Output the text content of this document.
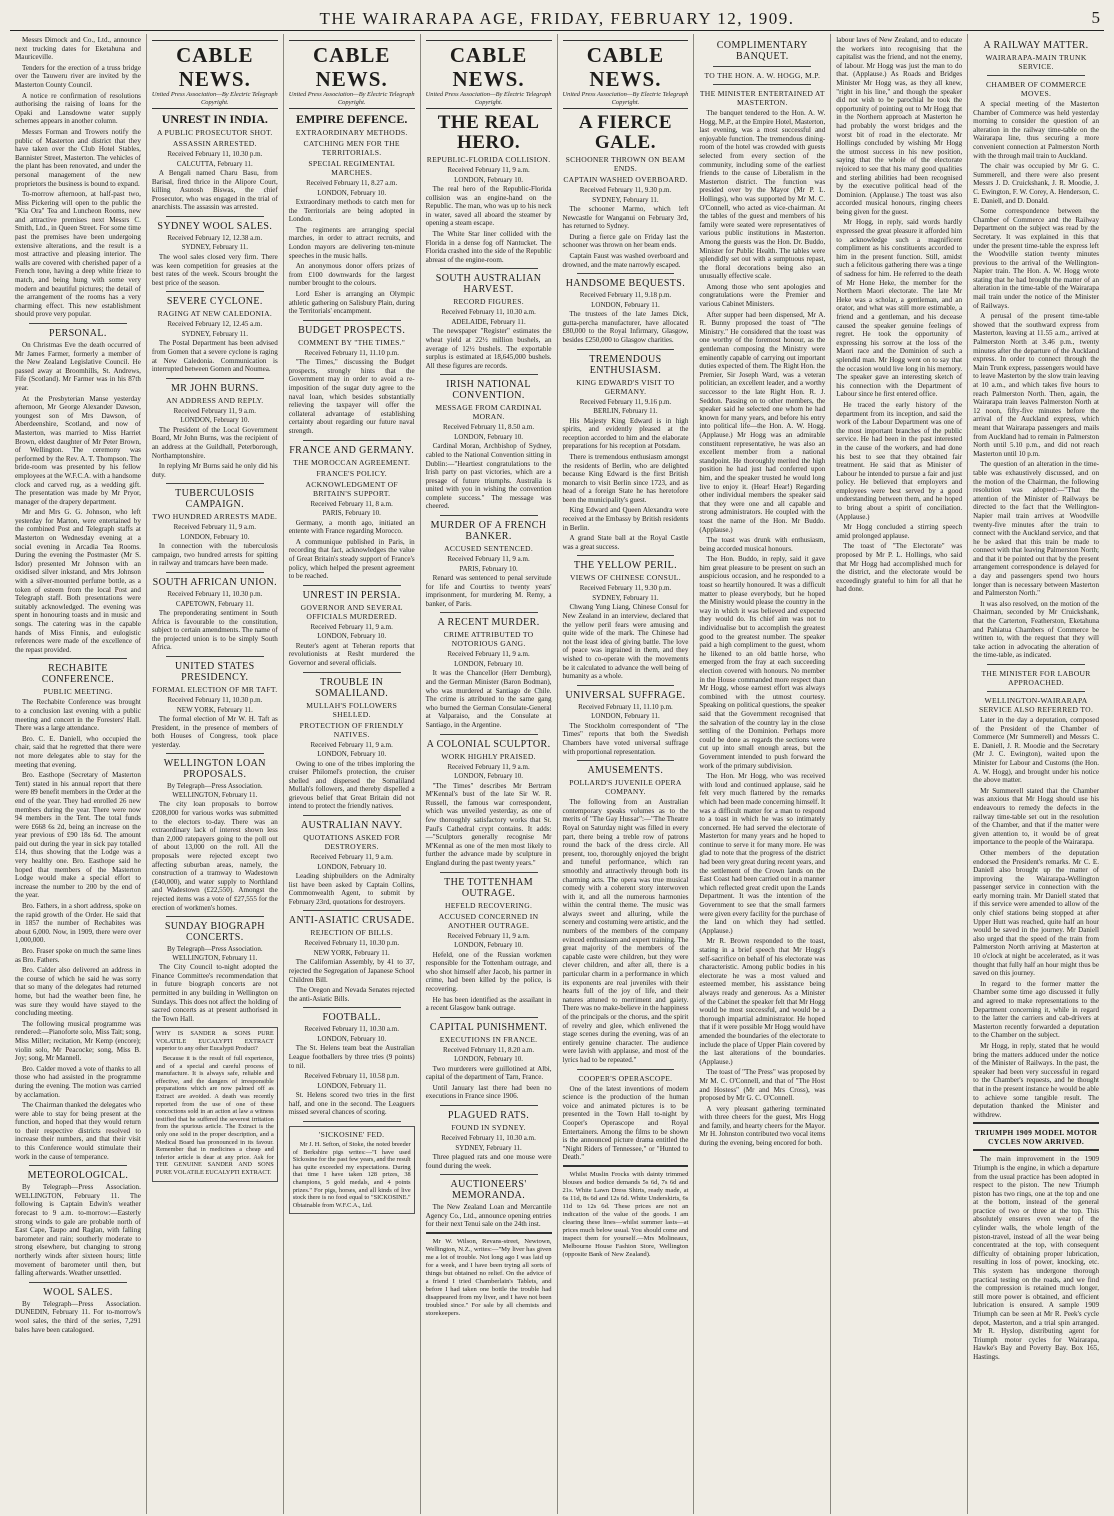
THE WAIRARAPA AGE, FRIDAY, FEBRUARY 12, 1909.	5

Messrs Dimock and Co., Ltd., announce next trucking dates for Eketahuna and Mauriceville.

Tenders for the erection of a truss bridge over the Tauweru river are invited by the Masterton County Council.

A notice re confirmation of resolutions authorising the raising of loans for the Opaki and Lansdowne water supply schemes appears in another column.

Messrs Forman and Trowers notify the public of Masterton and district that they have taken over the Club Hotel Stables, Bannister Street, Masterton. The vehicles of the plant has been renovated, and under the personal management of the new proprietors the business is bound to expand.

To-morrow afternoon, at half-past two, Miss Pickering will open to the public the "Kia Ora" Tea and Luncheon Rooms, new and attractive premises next Messrs C. Smith, Ltd., in Queen Street. For some time past the premises have been undergoing extensive alterations, and the result is a most attractive and pleasing interior. The walls are covered with cherished paper of a French tone, having a deep white frieze to match, and being hung with some very modern and beautiful pictures; the detail of the arrangement of the rooms has a very charming effect. This new establishment should prove very popular.

PERSONAL.

On Christmas Eve the death occurred of Mr James Farmer, formerly a member of the New Zealand Legislative Council. He passed away at Broomhills, St. Andrews, Fife (Scotland). Mr Farmer was in his 87th year.

At the Presbyterian Manse yesterday afternoon, Mr George Alexander Dawson, youngest son of Mrs Dawson, of Aberdeenshire, Scotland, and now of Masterton, was married to Miss Harriet Brown, eldest daughter of Mr Peter Brown, of Wellington. The ceremony was performed by the Rev. A. T. Thompson. The bride-room was presented by his fellow employees at the W.F.C.A. with a handsome clock and carved rug, as a wedding gift. The presentation was made by Mr Pryor, manager of the drapery department.

Mr and Mrs G. G. Johnson, who left yesterday for Marton, were entertained by the combined Post and Telegraph staffs at Masterton on Wednesday evening at a social evening in Arcadia Tea Rooms. During the evening the Postmaster (Mr S. Isdor) presented Mr Johnson with an oxidised silver inkstand, and Mrs Johnson with a silver-mounted perfume bottle, as a token of esteem from the local Post and Telegraph staff. Both presentations were suitably acknowledged. The evening was spent in honouring toasts and in music and songs. The catering was in the capable hands of Miss Finnis, and eulogistic references were made of the excellence of the repast provided.

RECHABITE CONFERENCE.
PUBLIC MEETING.

The Rechabite Conference was brought to a conclusion last evening with a public meeting and concert in the Foresters' Hall. There was a large attendance.

Bro. C. E. Daniell, who occupied the chair, said that he regretted that there were not more delegates able to stay for the meeting that evening.

Bro. Easthope (Secretary of Masterton Tent) stated in his annual report that there were 89 benefit members in the Order at the end of the year. They had enrolled 26 new members during the year. There were now 94 members in the Tent. The total funds were £668 6s 2d, being an increase on the year previous of £90 18s 6d. The amount paid out during the year in sick pay totalled £14, thus showing that the Lodge was a very healthy one. Bro. Easthope said he hoped that members of the Masterton Lodge would make a special effort to increase the number to 200 by the end of the year.

Bro. Fathers, in a short address, spoke on the rapid growth of the Order. He said that in 1857 the number of Rechabites was about 6,000. Now, in 1909, there were over 1,000,000.

Bro. Fraser spoke on much the same lines as Bro. Fathers.

Bro. Calder also delivered an address in the course of which he said he was sorry that so many of the delegates had returned home, but had the weather been fine, he was sure they would have stayed to the concluding meeting.

The following musical programme was rendered:—Pianoforte solo, Miss Tait; song, Miss Miller; recitation, Mr Kemp (encore); violin solo, Mr Peacocke; song, Miss B. Joy; song, Mr Mannell.

Bro. Calder moved a vote of thanks to all those who had assisted in the programme during the evening. The motion was carried by acclamation.

The Chairman thanked the delegates who were able to stay for being present at the function, and hoped that they would return to their respective districts resolved to increase their numbers, and that their visit to this Conference would stimulate their work in the cause of temperance.

METEOROLOGICAL.

By Telegraph—Press Association. WELLINGTON, February 11. The following is Captain Edwin's weather forecast to 9 a.m. to-morrow:—Easterly strong winds to gale are probable north of East Cape, Taupo and Raglan, with falling barometer and rain; southerly moderate to strong elsewhere, but changing to strong northerly winds after sixteen hours; little movement of barometer until then, but falling afterwards. Weather unsettled.

WOOL SALES.

By Telegraph—Press Association. DUNEDIN, February 11. For to-morrow's wool sales, the third of the series, 7,291 bales have been catalogued.

CABLE NEWS.
United Press Association—By Electric Telegraph Copyright.
UNREST IN INDIA.
A PUBLIC PROSECUTOR SHOT.
ASSASSIN ARRESTED.
Received February 11, 10.30 p.m.
CALCUTTA, February 11.

A Bengali named Charu Basu, from Barisal, fired thrice in the Alipore Court, killing Asutosh Biswas, the chief Prosecutor, who was engaged in the trial of anarchists. The assassin was arrested.

SYDNEY WOOL SALES.
Received February 12, 12.38 a.m.
SYDNEY, February 11.

The wool sales closed very firm. There was keen competition for greasies at the best rates of the week. Scours brought the best price of the season.

SEVERE CYCLONE.
RAGING AT NEW CALEDONIA.
Received February 12, 12.45 a.m.
SYDNEY, February 11.

The Postal Department has been advised from Gomen that a severe cyclone is raging at New Caledonia. Communication is interrupted between Gomen and Noumea.

MR JOHN BURNS.
AN ADDRESS AND REPLY.
Received February 11, 9 a.m.
LONDON, February 10.

The President of the Local Government Board, Mr John Burns, was the recipient of an address at the Guildhall, Peterborough, Northamptonshire.

In replying Mr Burns said he only did his duty.

TUBERCULOSIS CAMPAIGN.
TWO HUNDRED ARRESTS MADE.
Received February 11, 9 a.m.
LONDON, February 10.

In connection with the tuberculosis campaign, two hundred arrests for spitting in railway and tramcars have been made.

SOUTH AFRICAN UNION.
Received February 11, 10.30 p.m.
CAPETOWN, February 11.

The preponderating sentiment in South Africa is favourable to the constitution, subject to certain amendments. The name of the projected union is to be simply South Africa.

UNITED STATES PRESIDENCY.
FORMAL ELECTION OF MR TAFT.
Received February 11, 10.30 p.m.
NEW YORK, February 11.

The formal election of Mr W. H. Taft as President, in the presence of members of both Houses of Congress, took place yesterday.

WELLINGTON LOAN PROPOSALS.
By Telegraph—Press Association. WELLINGTON, February 11.

The city loan proposals to borrow £208,000 for various works was submitted to the electors to-day. There was an extraordinary lack of interest shown less than 2,000 ratepayers going to the poll out of about 13,000 on the roll. All the proposals were rejected except two affecting suburban areas, namely, the construction of a tramway to Wadestown (£40,000), and water supply to Northland and Wadestown (£22,550). Amongst the rejected items was a vote of £27,555 for the erection of workmen's homes.

SUNDAY BIOGRAPH CONCERTS.
By Telegraph—Press Association. WELLINGTON, February 11.

The City Council to-night adopted the Finance Committee's recommendation that in future biograph concerts are not permitted in any building in Wellington on Sundays. This does not affect the holding of sacred concerts as at present authorised in the Town Hall.

WHY IS SANDER & SONS PURE VOLATILE EUCALYPTI EXTRACT superior to any other Eucalypti Product?

Because it is the result of full experience, and of a special and careful process of manufacture. It is always safe, reliable and effective, and the dangers of irresponsible preparations which are now palmed off as Extract are avoided. A death was recently reported from the use of one of these concoctions sold in an action at law a witness testified that he suffered the severest irritation from the spurious article. The Extract is the only one sold in the proper description, and a Medical Board has pronounced in its favour. Remember that in medicines a cheap and inferior article is dear at any price. Ask for THE GENUINE SANDER AND SONS PURE VOLATILE EUCALYPTI EXTRACT.

CABLE NEWS.
United Press Association—By Electric Telegraph Copyright.
EMPIRE DEFENCE.
EXTRAORDINARY METHODS.
CATCHING MEN FOR THE TERRITORIALS.
SPECIAL REGIMENTAL MARCHES.
Received February 11, 8.27 a.m.
LONDON, February 10.

Extraordinary methods to catch men for the Territorials are being adopted in London.

The regiments are arranging special marches, in order to attract recruits, and London mayors are delivering ten-minute speeches in the music halls.

An anonymous donor offers prizes of from £100 downwards for the largest number brought to the colours.

Lord Esher is arranging an Olympic athletic gathering on Salisbury Plain, during the Territorials' encampment.

BUDGET PROSPECTS.
COMMENT BY "THE TIMES."
Received February 11, 11.10 p.m.

"The Times," discussing the Budget prospects, strongly hints that the Government may in order to avoid a re-imposition of the sugar duty agree to the naval loan, which besides substantially relieving the taxpayer will offer the collateral advantage of establishing certainty about regarding our future naval strength.

FRANCE AND GERMANY.
THE MOROCCAN AGREEMENT.
FRANCE'S POLICY.
ACKNOWLEDGMENT OF BRITAIN'S SUPPORT.
Received February 11, 8 a.m.
PARIS, February 10.

Germany, a month ago, initiated an entente with France regarding Morocco.

A communique published in Paris, in recording that fact, acknowledges the value of Great Britain's steady support of France's policy, which helped the present agreement to be reached.

UNREST IN PERSIA.
GOVERNOR AND SEVERAL OFFICIALS MURDERED.
Received February 11, 9 a.m.
LONDON, February 10.

Reuter's agent at Teheran reports that revolutionists at Resht murdered the Governor and several officials.

TROUBLE IN SOMALILAND.
MULLAH'S FOLLOWERS SHELLED.
PROTECTION OF FRIENDLY NATIVES.
Received February 11, 9 a.m.
LONDON, February 10.

Owing to one of the tribes imploring the cruiser Philomel's protection, the cruiser shelled and dispersed the Somaliland Mullah's followers, and thereby dispelled a grievous belief that Great Britain did not intend to protect the friendly natives.

AUSTRALIAN NAVY.
QUOTATIONS ASKED FOR DESTROYERS.
Received February 11, 9 a.m.
LONDON, February 10.

Leading shipbuilders on the Admiralty list have been asked by Captain Collins, Commonwealth Agent, to submit by February 23rd, quotations for destroyers.

ANTI-ASIATIC CRUSADE.
REJECTION OF BILLS.
Received February 11, 10.30 p.m.
NEW YORK, February 11.

The Californian Assembly, by 41 to 37, rejected the Segregation of Japanese School Children Bill.

The Oregon and Nevada Senates rejected the anti-Asiatic Bills.

FOOTBALL.
Received February 11, 10.30 a.m.
LONDON, February 10.

The St. Helens team beat the Australian League footballers by three tries (9 points) to nil.

Received February 11, 10.58 p.m.
LONDON, February 11.

St. Helens scored two tries in the first half, and one in the second. The Leaguers missed several chances of scoring.

'SICKOSINE' FED.

Mr J. H. Sefton, of Stoke, the noted breeder of Berkshire pigs writes:—"I have used Sickosine for the past few years, and the result has quite exceeded my expectations. During that time I have taken 128 prizes, 38 champions, 5 gold medals, and 4 points prizes." For pigs, horses, and all kinds of live stock there is no food equal to "SICKOSINE." Obtainable from W.F.C.A., Ltd.

CABLE NEWS.
United Press Association—By Electric Telegraph Copyright.
THE REAL HERO.
REPUBLIC-FLORIDA COLLISION.
Received February 11, 9 a.m.
LONDON, February 10.

The real hero of the Republic-Florida collision was an engine-hand on the Republic. The man, who was up to his neck in water, saved all aboard the steamer by opening a steam escape.

The White Star liner collided with the Florida in a dense fog off Nantucket. The Florida crashed into the side of the Republic abreast of the engine-room.

SOUTH AUSTRALIAN HARVEST.
RECORD FIGURES.
Received February 11, 10.30 a.m.
ADELAIDE, February 11.

The newspaper "Register" estimates the wheat yield at 22½ million bushels, an average of 12½ bushels. The exportable surplus is estimated at 18,645,000 bushels. All these figures are records.

IRISH NATIONAL CONVENTION.
MESSAGE FROM CARDINAL MORAN.
Received February 11, 8.50 a.m.
LONDON, February 10.

Cardinal Moran, Archbishop of Sydney, cabled to the National Convention sitting in Dublin:—"Heartiest congratulations to the Irish party on past victories, which are a presage of future triumphs. Australia is united with you in wishing the convention complete success." The message was cheered.

MURDER OF A FRENCH BANKER.
ACCUSED SENTENCED.
Received February 11, 9 a.m.
PARIS, February 10.

Renard was sentenced to penal servitude for life and Courtiss to twenty years' imprisonment, for murdering M. Remy, a banker, of Paris.

A RECENT MURDER.
CRIME ATTRIBUTED TO NOTORIOUS GANG.
Received February 11, 9 a.m.
LONDON, February 10.

It was the Chancellor (Herr Dernburg), and the German Minister (Baron Bodman), who was murdered at Santiago de Chile. The crime is attributed to the same gang who burned the German Consulate-General at Valparaiso, and the Consulate at Santiago, in the Argentine.

A COLONIAL SCULPTOR.
WORK HIGHLY PRAISED.
Received February 11, 9 a.m.
LONDON, February 10.

"The Times" describes Mr Bertram M'Kennal's bust of the late Sir W. R. Russell, the famous war correspondent, which was unveiled yesterday, as one of few thoroughly satisfactory works that St. Paul's Cathedral crypt contains. It adds:—"Sculptors generally recognise Mr M'Kennal as one of the men most likely to further the advance made by sculpture in England during the past twenty years."

THE TOTTENHAM OUTRAGE.
HEFELD RECOVERING.
ACCUSED CONCERNED IN ANOTHER OUTRAGE.
Received February 11, 9 a.m.
LONDON, February 10.

Hefeld, one of the Russian workmen responsible for the Tottenham outrage, and who shot himself after Jacob, his partner in crime, had been killed by the police, is recovering.

He has been identified as the assailant in a recent Glasgow bank outrage.

CAPITAL PUNISHMENT.
EXECUTIONS IN FRANCE.
Received February 11, 8.20 a.m.
LONDON, February 10.

Two murderers were guillotined at Albi, capital of the department of Tarn, France.

Until January last there had been no executions in France since 1906.

PLAGUED RATS.
FOUND IN SYDNEY.
Received February 11, 10.30 a.m.
SYDNEY, February 11.

Three plagued rats and one mouse were found during the week.

AUCTIONEERS' MEMORANDA.

The New Zealand Loan and Mercantile Agency Co., Ltd., announce opening entries for their next Tenui sale on the 24th inst.

Mr W. Wilson, Revans-street, Newtown, Wellington, N.Z., writes:—"My liver has given me a lot of trouble. Not long ago I was laid up for a week, and I have been trying all sorts of things but obtained no relief. On the advice of a friend I tried Chamberlain's Tablets, and before I had taken one bottle the trouble had disappeared from my liver, and I have not been troubled since." For sale by all chemists and storekeepers.

CABLE NEWS.
United Press Association—By Electric Telegraph Copyright.
A FIERCE GALE.
SCHOONER THROWN ON BEAM ENDS.
CAPTAIN WASHED OVERBOARD.
Received February 11, 9.30 p.m.
SYDNEY, February 11.

The schooner Marmo, which left Newcastle for Wanganui on February 3rd, has returned to Sydney.

During a fierce gale on Friday last the schooner was thrown on her beam ends.

Captain Faust was washed overboard and drowned, and the mate narrowly escaped.

HANDSOME BEQUESTS.
Received February 11, 9.18 p.m.
LONDON, February 11.

The trustees of the late James Dick, gutta-percha manufacturer, have allocated £80,000 to the Royal Infirmary, Glasgow, besides £250,000 to Glasgow charities.

TREMENDOUS ENTHUSIASM.
KING EDWARD'S VISIT TO GERMANY.
Received February 11, 9.16 p.m.
BERLIN, February 11.

His Majesty King Edward is in high spirits, and evidently pleased at the reception accorded to him and the elaborate preparations for his reception at Potsdam.

There is tremendous enthusiasm amongst the residents of Berlin, who are delighted because King Edward is the first British monarch to visit Berlin since 1723, and as head of a foreign State he has heretofore been the municipality's guest.

King Edward and Queen Alexandra were received at the Embassy by British residents in Berlin.

A grand State ball at the Royal Castle was a great success.

THE YELLOW PERIL.
VIEWS OF CHINESE CONSUL.
Received February 11, 9.30 p.m.
SYDNEY, February 11.

Chwang Yung Liang, Chinese Consul for New Zealand in an interview, declared that the yellow peril fears were amusing and quite wide of the mark. The Chinese had not the least idea of giving battle. The love of peace was ingrained in them, and they wished to co-operate with the movements be it calculated to advance the well being of humanity as a whole.

UNIVERSAL SUFFRAGE.
Received February 11, 11.10 p.m.
LONDON, February 11.

The Stockholm correspondent of "The Times" reports that both the Swedish Chambers have voted universal suffrage with proportional representation.

AMUSEMENTS.
POLLARD'S JUVENILE OPERA COMPANY.

The following from an Australian contemporary speaks volumes as to the merits of "The Gay Hussar":—"The Theatre Royal on Saturday night was filled in every part, there being a treble row of patrons round the back of the dress circle. All present, too, thoroughly enjoyed the bright and tuneful performance, which ran smoothly and attractively through both its charming acts. The opera was true musical comedy with a coherent story interwoven with it, and all the numerous harmonies within the central theme. The music was always sweet and alluring, while the scenery and costuming were artistic, and the numbers of the members of the company evinced enthusiasm and expert training. The great majority of the members of the capable caste were children, but they were clever children, and after all, there is a particular charm in a performance in which its exponents are real juveniles with their hearts full of the joy of life, and their natures attuned to merriment and gaiety. There was no make-believe in the happiness of the principals or the chorus, and the spirit of revelry and glee, which enlivened the stage scenes during the evening, was of an entirely genuine character. The audience were lavish with applause, and most of the lyrics had to be repeated."

COOPER'S OPERASCOPE.

One of the latest inventions of modern science is the production of the human voice and animated pictures is to be presented in the Town Hall to-night by Cooper's Operascope and Royal Entertainers. Among the films to be shown is the announced picture drama entitled the "Night Riders of Tennessee," or "Hunted to Death."

Whilst Muslin Frocks with dainty trimmed blouses and bodice demands 5s 6d, 7s 6d and 21s. White Lawn Dress Shirts, ready made, at 6s 11d, 8s 6d and 12s 6d. White Underskirts, 6s 11d to 12s 6d. These prices are not an indication of the value of the goods. I am clearing these lines—whilst summer lasts—at prices much below usual. You should come and inspect them for yourself.—Mrs Molineaux, Melbourne House Fashion Store, Wellington (opposite Bank of New Zealand).

COMPLIMENTARY BANQUET.
TO THE HON. A. W. HOGG, M.P.
THE MINISTER ENTERTAINED AT MASTERTON.

The banquet tendered to the Hon. A. W. Hogg, M.P., at the Empire Hotel, Masterton, last evening, was a most successful and enjoyable function. The tremendous dining-room of the hotel was crowded with guests selected from every section of the community, including some of the earliest friends to the cause of Liberalism in the Masterton district. The function was presided over by the Mayor (Mr P. L. Hollings), who was supported by Mr M. C. O'Connell, who acted as vice-chairman. At the tables of the guest and members of his family were seated were representatives of various public institutions in Masterton. Among the guests was the Hon. Dr. Buddo, Minister for Public Health. The tables were splendidly set out with a sumptuous repast, the floral decorations being also an unusually effective scale.

Among those who sent apologies and congratulations were the Premier and various Cabinet Ministers.

After supper had been dispensed, Mr A. R. Bunny proposed the toast of "The Ministry." He considered that the toast was one worthy of the foremost honour, as the gentleman composing the Ministry were eminently capable of carrying out important duties expected of them. The Right Hon. the Premier, Sir Joseph Ward, was a veteran politician, an excellent leader, and a worthy successor to the late Right Hon. R. J. Seddon. Passing on to other members, the speaker said he selected one whom he had known for many years, and before his entry into political life—the Hon. A. W. Hogg. (Applause.) Mr Hogg was an admirable constituent representative, he was also an excellent member from a national standpoint. He thoroughly merited the high position he had just had conferred upon him, and the speaker trusted he would long live to enjoy it. (Hear! Hear!) Regarding other individual members the speaker said that they were one and all capable and strong administrators. He coupled with the toast the name of the Hon. Mr Buddo. (Applause.)

The toast was drunk with enthusiasm, being accorded musical honours.

The Hon. Buddo, in reply, said it gave him great pleasure to be present on such an auspicious occasion, and he responded to a toast so heartily honoured. It was a difficult matter to please everybody, but he hoped the Ministry would please the country in the way in which it was believed and expected they would do. Its chief aim was not to individualise but to accomplish the greatest good to the greatest number. The speaker paid a high compliment to the guest, whom he likened to an old battle horse, who emerged from the fray at each succeeding election covered with honours. No member in the House commanded more respect than Mr Hogg, whose earnest effort was always combined with the utmost courtesy. Speaking on political questions, the speaker said that the Government recognised that the salvation of the country lay in the close settling of the Dominion. Perhaps more could be done as regards the sections were cut up into small enough areas, but the Government intended to push forward the work of the primary subdivision.

The Hon. Mr Hogg, who was received with loud and continued applause, said he felt very much flattered by the remarks which had been made concerning himself. It was a difficult matter for a man to respond to a toast in which he was so intimately concerned. He had served the electorate of Masterton for many years and he hoped to continue to serve it for many more. He was glad to note that the progress of the district had been very great during recent years, and the settlement of the Crown lands on the East Coast had been carried out in a manner which reflected great credit upon the Lands Department. It was the intention of the Government to see that the small farmers were given every facility for the purchase of the land on which they had settled. (Applause.)

Mr R. Brown responded to the toast, stating in a brief speech that Mr Hogg's self-sacrifice on behalf of his electorate was characteristic. Among public bodies in his electorate he was a most valued and esteemed member, his assistance being always ready and generous. As a Minister of the Cabinet the speaker felt that Mr Hogg would be most successful, and would be a thorough impartial administrator. He hoped that if it were possible Mr Hogg would have amended the boundaries of the electorate to include the place of Upper Plain covered by the last alterations of the boundaries. (Applause.)

The toast of "The Press" was proposed by Mr M. C. O'Connell, and that of "The Host and Hostess" (Mr and Mrs Cross), was proposed by Mr G. C. O'Connell.

A very pleasant gathering terminated with three cheers for the guest, Mrs Hogg and family, and hearty cheers for the Mayor. Mr H. Johnston contributed two vocal items during the evening, being encored for both.

labour laws of New Zealand, and to educate the workers into recognising that the capitalist was the friend, and not the enemy, of labour. Mr Hogg was just the man to do that. (Applause.) As Roads and Bridges Minister Mr Hogg was, as they all knew, "right in his line," and though the speaker did not wish to be parochial he took the opportunity of pointing out to Mr Hogg that in the Northern approach at Masterton he had probably the worst bridges and the worst bit of road in the electorate. Mr Hollings concluded by wishing Mr Hogg the utmost success in his new position, saying that the whole of the electorate rejoiced to see that his many good qualities and sterling abilities had been recognised by the executive political head of the Dominion. (Applause.) The toast was also accorded musical honours, ringing cheers being given for the guest.

Mr Hogg, in reply, said words hardly expressed the great pleasure it afforded him to acknowledge such a magnificent compliment as his constituents accorded to him in the present function. Still, amidst such a felicitous gathering there was a tinge of sadness for him. He referred to the death of Mr Hone Heke, the member for the Northern Maori electorate. The late Mr Heke was a scholar, a gentleman, and an orator, and what was still more estimable, a friend and a gentleman, and his decease caused the speaker genuine feelings of regret. He took the opportunity of expressing his sorrow at the loss of the Maori race and the Dominion of such a splendid man. Mr Hogg went on to say that the occasion would live long in his memory. The speaker gave an interesting sketch of his connection with the Department of Labour since he first entered office.

He traced the early history of the department from its inception, and said the work of the Labour Department was one of the most important branches of the public service. He had been in the past interested in the cause of the workers, and had done his best to see that they obtained fair treatment. He said that as Minister of Labour he intended to pursue a fair and just policy. He believed that employers and employees were best served by a good understanding between them, and he hoped to bring about a spirit of conciliation. (Applause.)

Mr Hogg concluded a stirring speech amid prolonged applause.

The toast of "The Electorate" was proposed by Mr P. L. Hollings, who said that Mr Hogg had accomplished much for the district, and the electorate would be exceedingly grateful to him for all that he had done.

A RAILWAY MATTER.
WAIRARAPA-MAIN TRUNK SERVICE.
CHAMBER OF COMMERCE MOVES.

A special meeting of the Masterton Chamber of Commerce was held yesterday morning to consider the question of an alteration in the railway time-table on the Wairarapa line, thus securing a more convenient connection at Palmerston North with the through mail train to Auckland.

The chair was occupied by Mr G. C. Summerell, and there were also present Messrs J. D. Cruickshank, J. R. Moodie, J. C. Ewington, F. W. Corey, A. Henderson, C. E. Daniell, and D. Donald.

Some correspondence between the Chamber of Commerce and the Railway Department on the subject was read by the Secretary. It was explained in this that under the present time-table the express left the Woodville station twenty minutes previous to the arrival of the Wellington-Napier train. The Hon. A. W. Hogg wrote stating that he had brought the matter of an alteration in the time-table of the Wairarapa mail train under the notice of the Minister of Railways.

A perusal of the present time-table showed that the southward express from Masterton, leaving at 11.55 a.m., arrived at Palmerston North at 3.46 p.m., twenty minutes after the departure of the Auckland express. In order to connect through the Main Trunk express, passengers would have to leave Masterton by the slow train leaving at 10 a.m., and which takes five hours to reach Palmerston North. Then, again, the Wairarapa train leaves Palmerston North at 12 noon, fifty-five minutes before the arrival of the Auckland express, which meant that Wairarapa passengers and mails from Auckland had to remain in Palmerston North until 5.10 p.m., and did not reach Masterton until 10 p.m.

The question of an alteration in the time-table was exhaustively discussed, and on the motion of the Chairman, the following resolution was adopted:—"That the attention of the Minister of Railways be directed to the fact that the Wellington-Napier mail train arrives at Woodville twenty-five minutes after the train to connect with the Auckland service, and that he be asked that this train be made to connect with that leaving Palmerston North; and that it be pointed out that by the present arrangement correspondence is delayed for a day and passengers spend two hours longer than is necessary between Masterton and Palmerston North."

It was also resolved, on the motion of the Chairman, seconded by Mr Cruickshank, that the Carterton, Featherston, Eketahuna and Pahiatua Chambers of Commerce be written to, with the request that they will take action in advocating the alteration of the time-table, as indicated.

THE MINISTER FOR LABOUR APPROACHED.
WELLINGTON-WAIRARAPA SERVICE ALSO REFERRED TO.

Later in the day a deputation, composed of the President of the Chamber of Commerce (Mr Summerell) and Messrs C. E. Daniell, J. R. Moodie and the Secretary (Mr J. C. Ewington), waited upon the Minister for Labour and Customs (the Hon. A. W. Hogg), and brought under his notice the above matter.

Mr Summerell stated that the Chamber was anxious that Mr Hogg should use his endeavours to remedy the defects in the railway time-table set out in the resolution of the Chamber, and that if the matter were given attention to, it would be of great importance to the people of the Wairarapa.

Other members of the deputation endorsed the President's remarks. Mr C. E. Daniell also brought up the matter of improving the Wairarapa-Wellington passenger service in connection with the early morning train. Mr Daniell stated that if this service were amended to allow of the only chief stations being stopped at after Upper Hutt was reached, quite half an hour would be saved in the journey. Mr Daniell also urged that the speed of the train from Palmerston North arriving at Masterton at 10 o'clock at night be accelerated, as it was thought that fully half an hour might thus be saved on this journey.

In regard to the former matter the Chamber some time ago discussed it fully and agreed to make representations to the Department concerning it, while in regard to the latter the carriers and cab-drivers at Masterton recently forwarded a deputation to the Chamber on the subject.

Mr Hogg, in reply, stated that he would bring the matters adduced under the notice of the Minister of Railways. In the past, the speaker had been very successful in regard to the Chamber's requests, and he thought that in the present instance he would be able to achieve some tangible result. The deputation thanked the Minister and withdrew.

TRIUMPH 1909 MODEL MOTOR CYCLES NOW ARRIVED.

The main improvement in the 1909 Triumph is the engine, in which a departure from the usual practice has been adopted in respect to the piston. The new Triumph piston has two rings, one at the top and one at the bottom, instead of the general practice of two or three at the top. This absolutely ensures even wear of the cylinder walls, the whole length of the piston-travel, instead of all the wear being concentrated at the top, with consequent difficulty of obtaining proper lubrication, resulting in loss of power, knocking, etc. This system has undergone thorough practical testing on the roads, and we find the compression is retained much longer, still more power is obtained, and efficient lubrication is ensured. A sample 1909 Triumph can be seen at Mr R. Peek's cycle depot, Masterton, and a trial spin arranged. Mr R. Hyslop, distributing agent for Triumph motor cycles for Wairarapa, Hawke's Bay and Poverty Bay. Box 165, Hastings.
